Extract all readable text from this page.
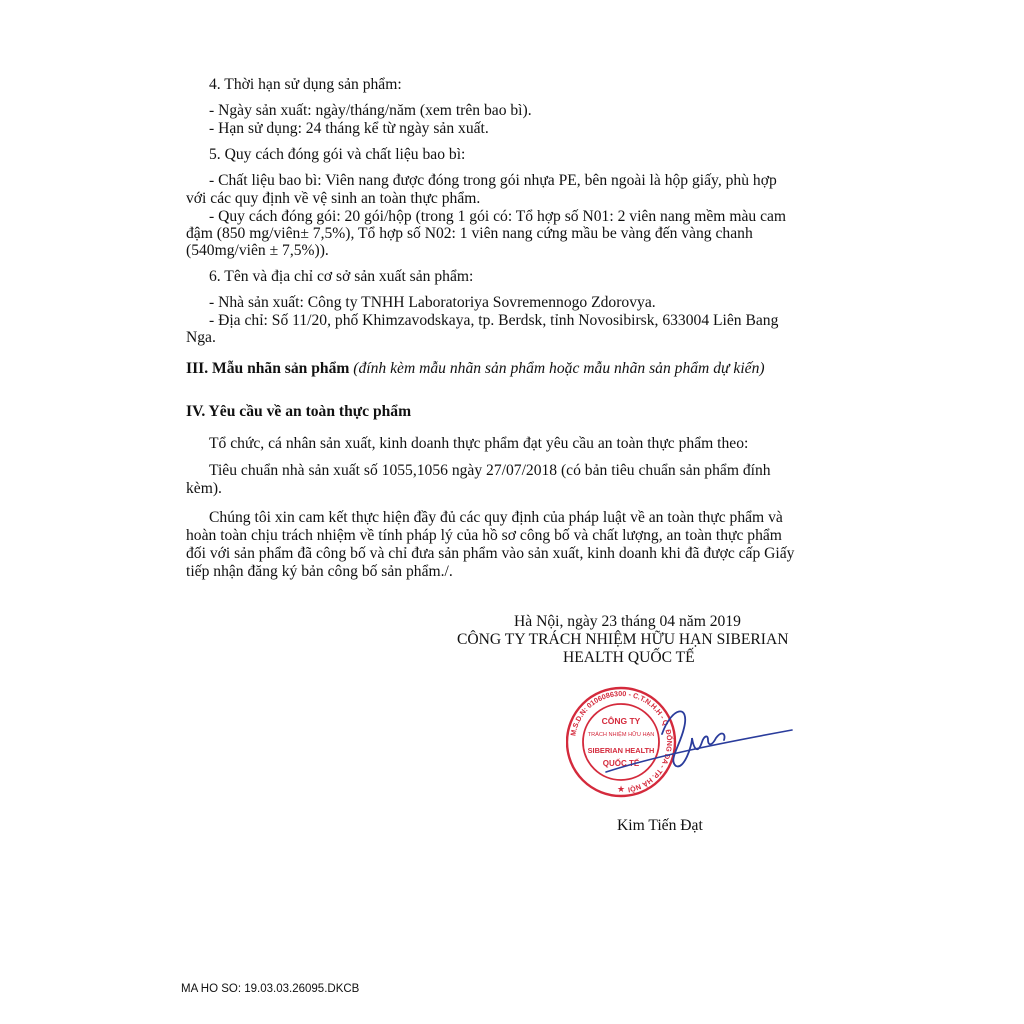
4. Thời hạn sử dụng sản phẩm:

- Ngày sản xuất: ngày/tháng/năm (xem trên bao bì).

- Hạn sử dụng: 24 tháng kể từ ngày sản xuất.

5. Quy cách đóng gói và chất liệu bao bì:

- Chất liệu bao bì: Viên nang được đóng trong gói nhựa PE, bên ngoài là hộp giấy, phù hợp

với các quy định về vệ sinh an toàn thực phẩm.

- Quy cách đóng gói: 20 gói/hộp (trong 1 gói có: Tổ hợp số N01: 2 viên nang mềm màu cam

đậm (850 mg/viên± 7,5%), Tổ hợp số N02: 1 viên nang cứng mầu be vàng đến vàng chanh

(540mg/viên ± 7,5%)).

6. Tên và địa chỉ cơ sở sản xuất sản phẩm:

- Nhà sản xuất: Công ty TNHH Laboratoriya Sovremennogo Zdorovya.

- Địa chỉ: Số 11/20, phố Khimzavodskaya, tp. Berdsk, tỉnh Novosibirsk, 633004 Liên Bang

Nga.

III. Mẫu nhãn sản phẩm (đính kèm mẫu nhãn sản phẩm hoặc mẫu nhãn sản phẩm dự kiến)

IV. Yêu cầu về an toàn thực phẩm

Tổ chức, cá nhân sản xuất, kinh doanh thực phẩm đạt yêu cầu an toàn thực phẩm theo:

Tiêu chuẩn nhà sản xuất số 1055,1056 ngày 27/07/2018 (có bản tiêu chuẩn sản phẩm đính

kèm).

Chúng tôi xin cam kết thực hiện đầy đủ các quy định của pháp luật về an toàn thực phẩm và

hoàn toàn chịu trách nhiệm về tính pháp lý của hồ sơ công bố và chất lượng, an toàn thực phẩm

đối với sản phẩm đã công bố và chỉ đưa sản phẩm vào sản xuất, kinh doanh khi đã được cấp Giấy

tiếp nhận đăng ký bản công bố sản phẩm./.

Hà Nội, ngày 23 tháng 04 năm 2019

CÔNG TY TRÁCH NHIỆM HỮU HẠN SIBERIAN

HEALTH QUỐC TẾ

M.S.D.N: 0106086300 - C.T.N.H.H - Q. ĐỐNG ĐA - TP. HÀ NỘI
CÔNG TY
TRÁCH NHIỆM HỮU HẠN
SIBERIAN HEALTH
QUỐC TẾ
★

Kim Tiến Đạt

MA HO SO: 19.03.03.26095.DKCB
